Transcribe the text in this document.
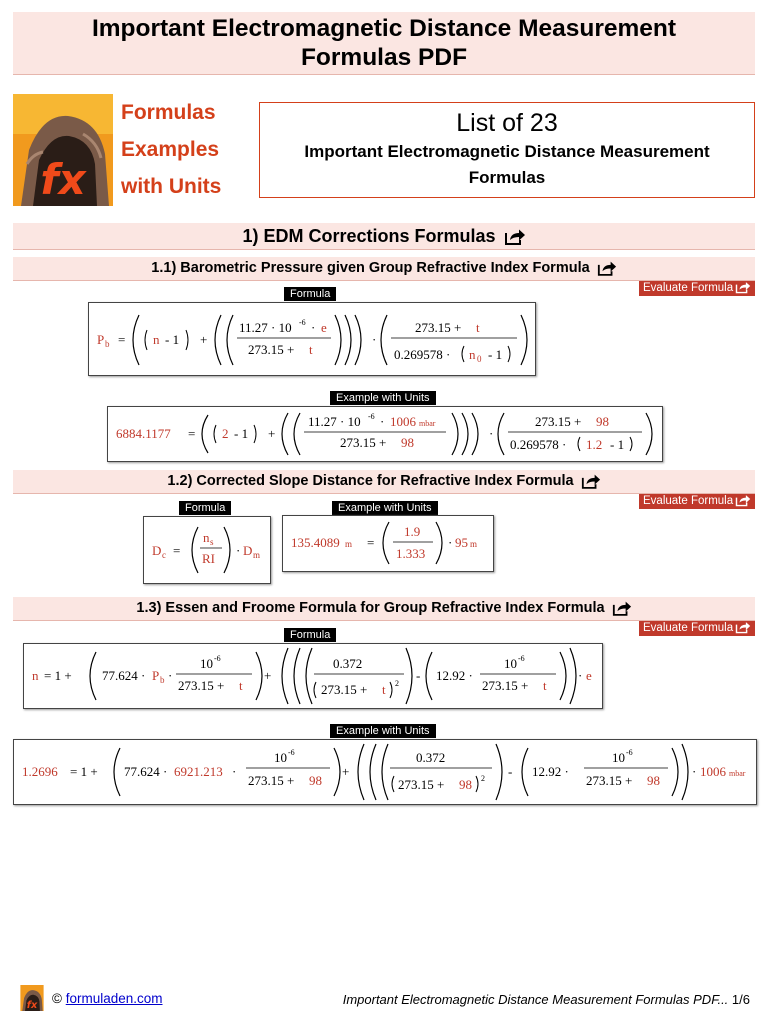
Important Electromagnetic Distance Measurement
Formulas PDF
fx
Formulas
Examples
with Units
List of 23
Important Electromagnetic Distance Measurement
Formulas
1) EDM Corrections Formulas
1.1) Barometric Pressure given Group Refractive Index Formula
Evaluate Formula
Formula
P b = n - 1 +
11.27 · 10 -6 · e
273.15 + t
·
273.15 + t
0.269578 · n 0 - 1
Example with Units
6884.1177 = 2 - 1 +
11.27 · 10 -6 · 1006 mbar
273.15 + 98
·
273.15 + 98
0.269578 · 1.2 - 1
1.2) Corrected Slope Distance for Refractive Index Formula
Evaluate Formula
Formula	Example with Units
D c =
n s
RI
· D m
135.4089 m =
1.9
1.333
· 95 m
1.3) Essen and Froome Formula for Group Refractive Index Formula
Evaluate Formula
Formula
n = 1 + 77.624 · P b ·
10 -6
273.15 + t
+
0.372
273.15 + t 2
- 12.92 ·
10 -6
273.15 + t
· e
Example with Units
1.2696 = 1 + 77.624 · 6921.213 ·
10 -6
273.15 + 98
+
0.372
273.15 + 98 2 - 12.92 ·
10 -6
273.15 + 98
· 1006 mbar
fx © formuladen.com	Important Electromagnetic Distance Measurement Formulas PDF... 1/6
